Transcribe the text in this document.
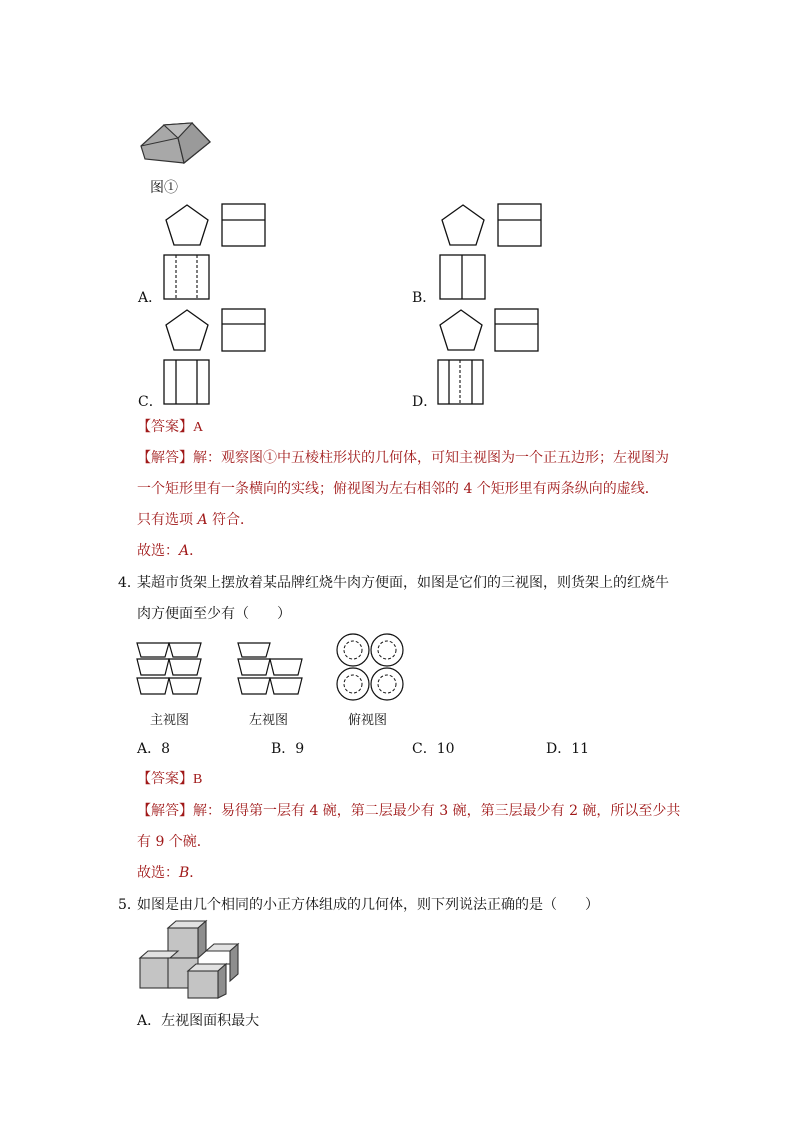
图①
A．	B．
C．	D．
【答案】A
【解答】解：观察图①中五棱柱形状的几何体，可知主视图为一个正五边形；左视图为
一个矩形里有一条横向的实线；俯视图为左右相邻的 4 个矩形里有两条纵向的虚线．
只有选项 A 符合．
故选：A．
4．
某超市货架上摆放着某品牌红烧牛肉方便面，如图是它们的三视图，则货架上的红烧牛
肉方便面至少有（　　）
主视图	左视图	俯视图
A．8	B．9	C．10	D．11
【答案】B
【解答】解：易得第一层有 4 碗，第二层最少有 3 碗，第三层最少有 2 碗，所以至少共
有 9 个碗．
故选：B．
5．
如图是由几个相同的小正方体组成的几何体，则下列说法正确的是（　　）
A．左视图面积最大
